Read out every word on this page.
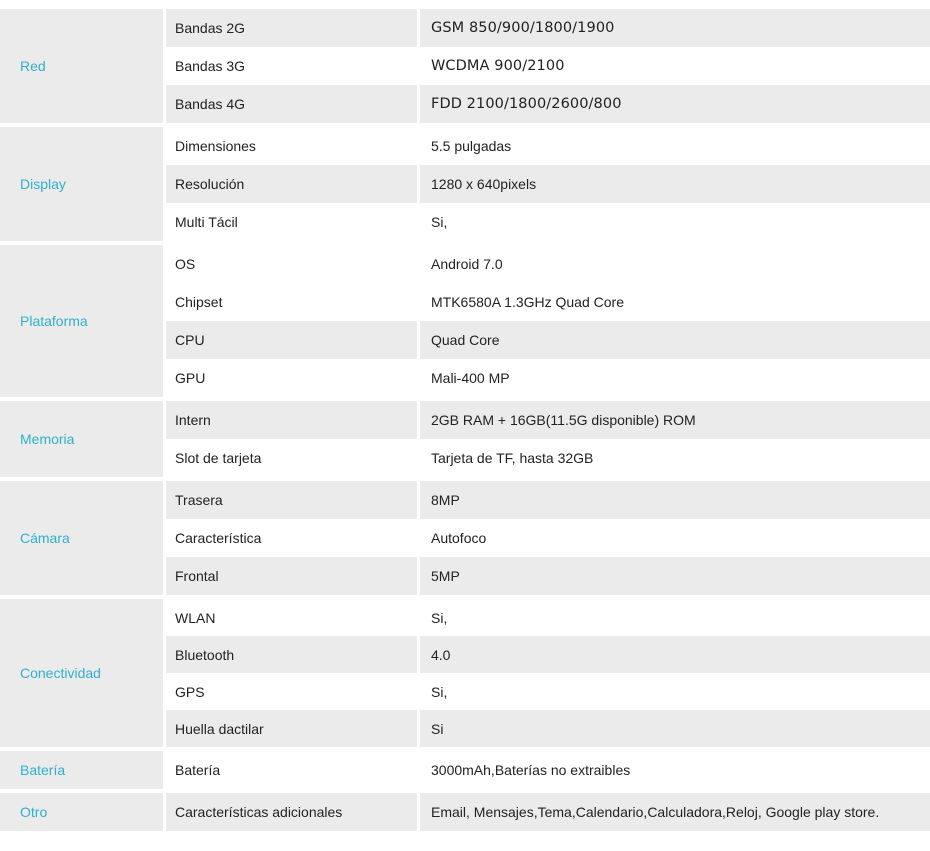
Red
Bandas 2G	GSM 850/900/1800/1900
Bandas 3G	WCDMA 900/2100
Bandas 4G	FDD 2100/1800/2600/800
Display
Dimensiones	5.5 pulgadas
Resolución	1280 x 640pixels
Multi Tácil	Si,
Plataforma
OS	Android 7.0
Chipset	MTK6580A 1.3GHz Quad Core
CPU	Quad Core
GPU	Mali-400 MP
Memoria
Intern	2GB RAM + 16GB(11.5G disponible) ROM
Slot de tarjeta	Tarjeta de TF, hasta 32GB
Cámara
Trasera	8MP
Característica	Autofoco
Frontal	5MP
Conectividad
WLAN	Si,
Bluetooth	4.0
GPS	Si,
Huella dactilar	Si
Batería	Batería	3000mAh,Baterías no extraibles
Otro	Características adicionales	Email, Mensajes,Tema,Calendario,Calculadora,Reloj, Google play store.
